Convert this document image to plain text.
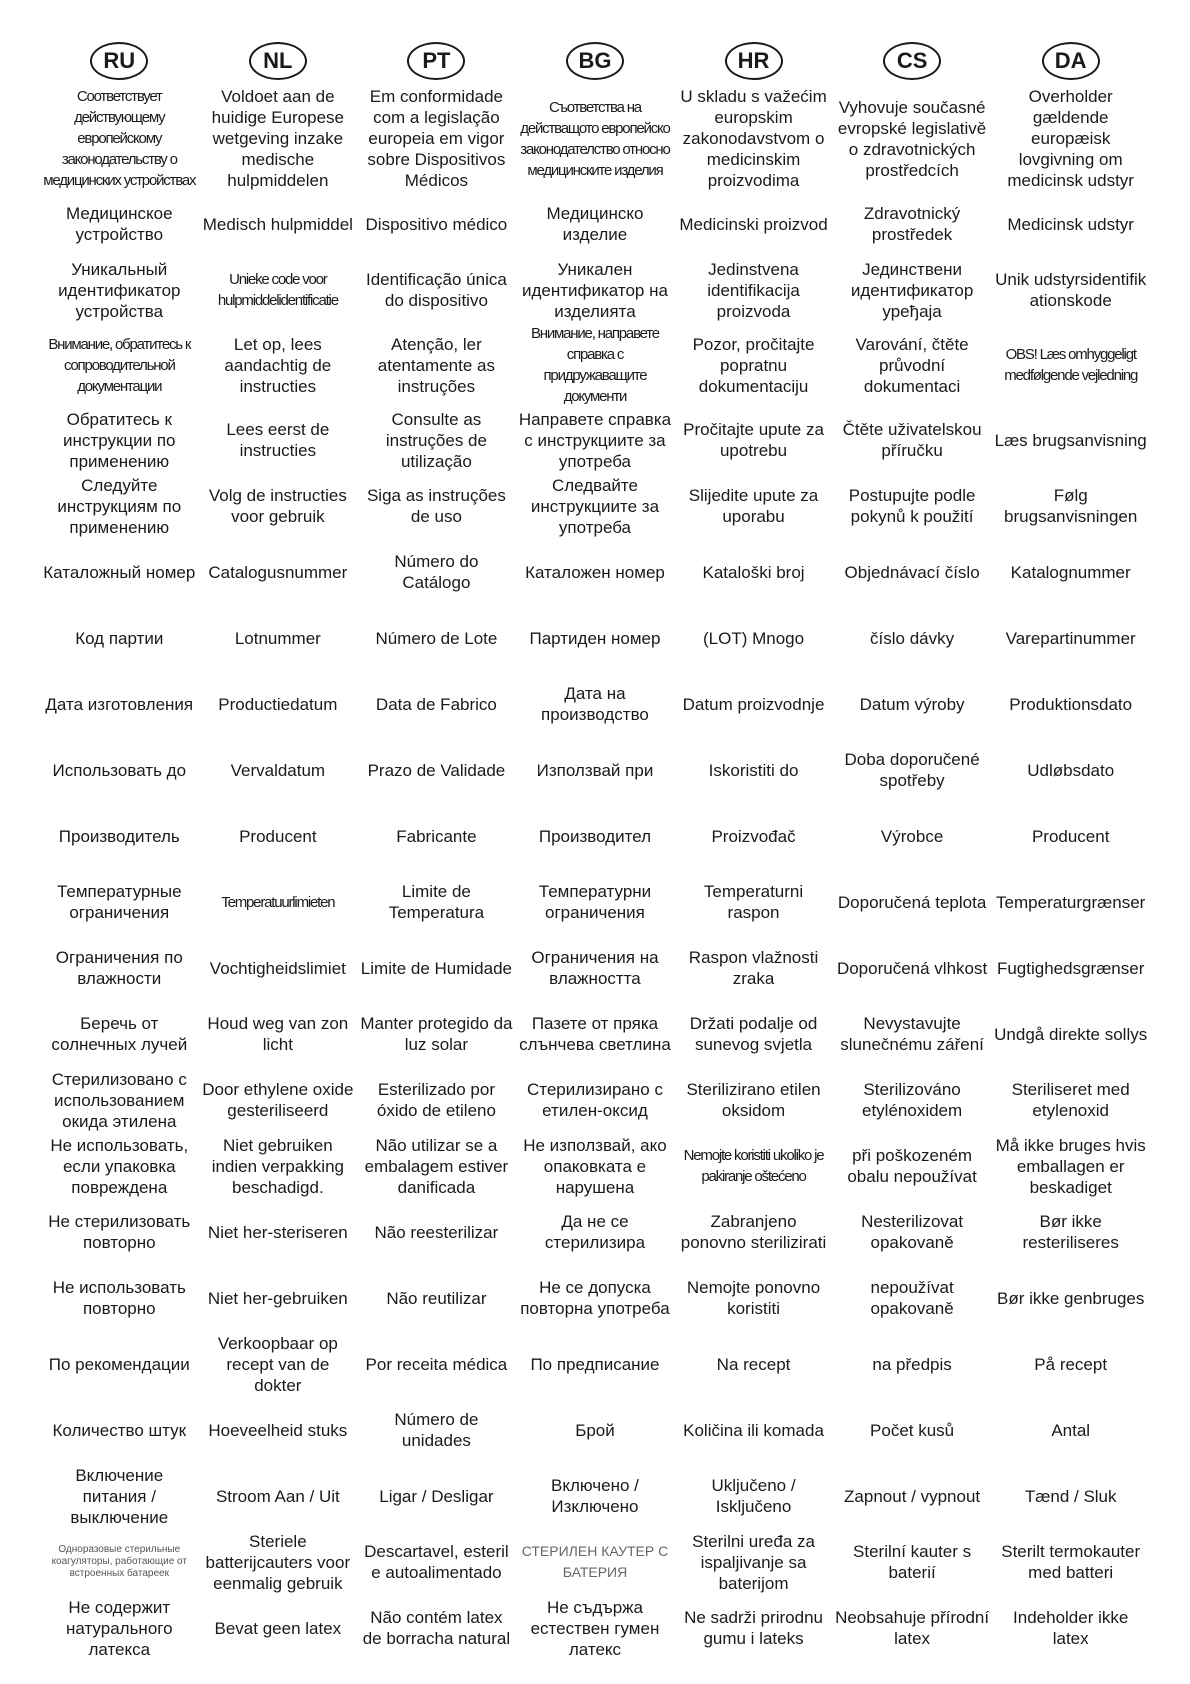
RU	NL	PT	BG	HR	CS	DA
Соответствует действующему европейскому законодательству о медицинских устройствах	Voldoet aan de huidige Europese wetgeving inzake medische hulpmiddelen	Em conformidade com a legislação europeia em vigor sobre Dispositivos Médicos	Съответства на действащото европейско законодателство относно медицинските изделия	U skladu s važećim europskim zakonodavstvom o medicinskim proizvodima	Vyhovuje současné evropské legislativě o zdravotnických prostředcích	Overholder gældende europæisk lovgivning om medicinsk udstyr
Медицинское устройство	Medisch hulpmiddel	Dispositivo médico	Медицинско изделие	Medicinski proizvod	Zdravotnický prostředek	Medicinsk udstyr
Уникальный идентификатор устройства	Unieke code voor hulpmiddelidentificatie	Identificação única do dispositivo	Уникален идентификатор на изделията	Jedinstvena identifikacija proizvoda	Јединствени идентификатор уређаја	Unik udstyrsidentifikationskode
Внимание, обратитесь к сопроводительной документации	Let op, lees aandachtig de instructies	Atenção, ler atentamente as instruções	Внимание, направете справка с придружаващите документи	Pozor, pročitajte popratnu dokumentaciju	Varování, čtěte průvodní dokumentaci	OBS! Læs omhyggeligt medfølgende vejledning
Обратитесь к инструкции по применению	Lees eerst de instructies	Consulte as instruções de utilização	Направете справка с инструкциите за употреба	Pročitajte upute za upotrebu	Čtěte uživatelskou příručku	Læs brugsanvisning
Следуйте инструкциям по применению	Volg de instructies voor gebruik	Siga as instruções de uso	Следвайте инструкциите за употреба	Slijedite upute za uporabu	Postupujte podle pokynů k použití	Følg brugsanvisningen
Каталожный номер	Catalogusnummer	Número do Catálogo	Каталожен номер	Kataloški broj	Objednávací číslo	Katalognummer
Код партии	Lotnummer	Número de Lote	Партиден номер	(LOT) Mnogo	číslo dávky	Varepartinummer
Дата изготовления	Productiedatum	Data de Fabrico	Дата на производство	Datum proizvodnje	Datum výroby	Produktionsdato
Использовать до	Vervaldatum	Prazo de Validade	Използвай при	Iskoristiti do	Doba doporučené spotřeby	Udløbsdato
Производитель	Producent	Fabricante	Производител	Proizvođač	Výrobce	Producent
Температурные ограничения	Temperatuurlimieten	Limite de Temperatura	Температурни ограничения	Temperaturni raspon	Doporučená teplota	Temperaturgrænser
Ограничения по влажности	Vochtigheidslimiet	Limite de Humidade	Ограничения на влажността	Raspon vlažnosti zraka	Doporučená vlhkost	Fugtighedsgrænser
Беречь от солнечных лучей	Houd weg van zon licht	Manter protegido da luz solar	Пазете от пряка слънчева светлина	Držati podalje od sunevog svjetla	Nevystavujte slunečnému záření	Undgå direkte sollys
Стерилизовано с использованием окида этилена	Door ethylene oxide gesteriliseerd	Esterilizado por óxido de etileno	Стерилизирано с етилен-оксид	Sterilizirano etilen oksidom	Sterilizováno etylénoxidem	Steriliseret med etylenoxid
Не использовать, если упаковка повреждена	Niet gebruiken indien verpakking beschadigd.	Não utilizar se a embalagem estiver danificada	Не използвай, ако опаковката е нарушена	Nemojte koristiti ukoliko je pakiranje oštećeno	při poškozeném obalu nepoužívat	Må ikke bruges hvis emballagen er beskadiget
Не стерилизовать повторно	Niet her-steriseren	Não reesterilizar	Да не се стерилизира	Zabranjeno ponovno sterilizirati	Nesterilizovat opakovaně	Bør ikke resteriliseres
Не использовать повторно	Niet her-gebruiken	Não reutilizar	Не се допуска повторна употреба	Nemojte ponovno koristiti	nepoužívat opakovaně	Bør ikke genbruges
По рекомендации	Verkoopbaar op recept van de dokter	Por receita médica	По предписание	Na recept	na předpis	På recept
Количество штук	Hoeveelheid stuks	Número de unidades	Брой	Količina ili komada	Počet kusů	Antal
Включение питания / выключение	Stroom Aan / Uit	Ligar / Desligar	Включено / Изключено	Uključeno / Isključeno	Zapnout / vypnout	Tænd / Sluk
Одноразовые стерильные коагуляторы, работающие от встроенных батареек	Steriele batterijcauters voor eenmalig gebruik	Descartavel, esteril e autoalimentado	СТЕРИЛЕН КАУТЕР С БАТЕРИЯ	Sterilni uređa za ispaljivanje sa baterijom	Sterilní kauter s baterií	Sterilt termokauter med batteri
Не содержит натурального латекса	Bevat geen latex	Não contém latex de borracha natural	Не съдържа естествен гумен латекс	Ne sadrži prirodnu gumu i lateks	Neobsahuje přírodní latex	Indeholder ikke latex
